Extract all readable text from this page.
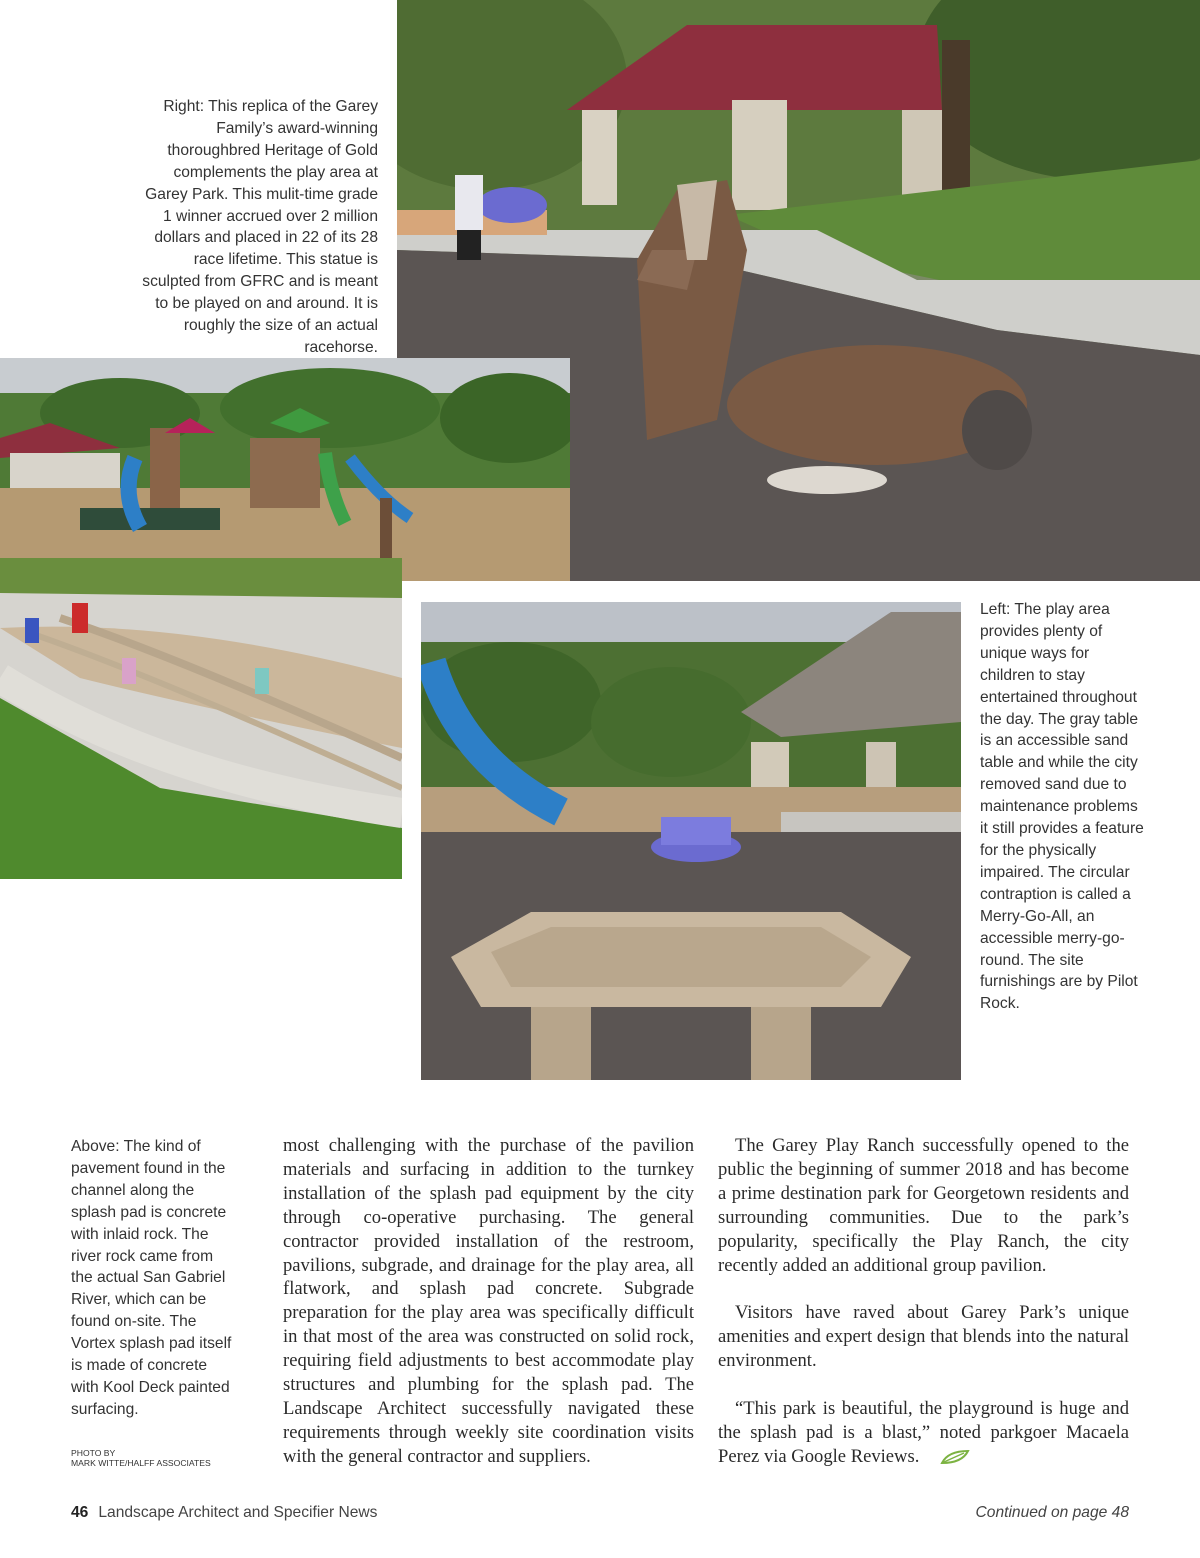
Right: This replica of the Garey Family’s award-winning thoroughbred Heritage of Gold complements the play area at Garey Park. This mulit-time grade 1 winner accrued over 2 million dollars and placed in 22 of its 28 race lifetime. This statue is sculpted from GFRC and is meant to be played on and around. It is roughly the size of an actual racehorse.
Left: The play area provides plenty of unique ways for children to stay entertained throughout the day. The gray table is an accessible sand table and while the city removed sand due to maintenance problems it still provides a feature for the physically impaired. The circular contraption is called a Merry-Go-All, an accessible merry-go-round. The site furnishings are by Pilot Rock.
Above: The kind of pavement found in the channel along the splash pad is concrete with inlaid rock. The river rock came from the actual San Gabriel River, which can be found on-site. The Vortex splash pad itself is made of concrete with Kool Deck painted surfacing.
PHOTO BY
MARK WITTE/HALFF ASSOCIATES

most challenging with the purchase of the pavilion materials and surfacing in addition to the turnkey installation of the splash pad equipment by the city through co-operative purchasing. The general contractor provided installation of the restroom, pavilions, subgrade, and drainage for the play area, all flatwork, and splash pad concrete. Subgrade preparation for the play area was specifically difficult in that most of the area was constructed on solid rock, requiring field adjustments to best accommodate play structures and plumbing for the splash pad. The Landscape Architect successfully navigated these requirements through weekly site coordination visits with the general contractor and suppliers.

The Garey Play Ranch successfully opened to the public the beginning of summer 2018 and has become a prime destination park for Georgetown residents and surrounding communities. Due to the park’s popularity, specifically the Play Ranch, the city recently added an additional group pavilion.

Visitors have raved about Garey Park’s unique amenities and expert design that blends into the natural environment.

“This park is beautiful, the playground is huge and the splash pad is a blast,” noted parkgoer Macaela Perez via Google Reviews.

46 Landscape Architect and Specifier News	Continued on page 48
